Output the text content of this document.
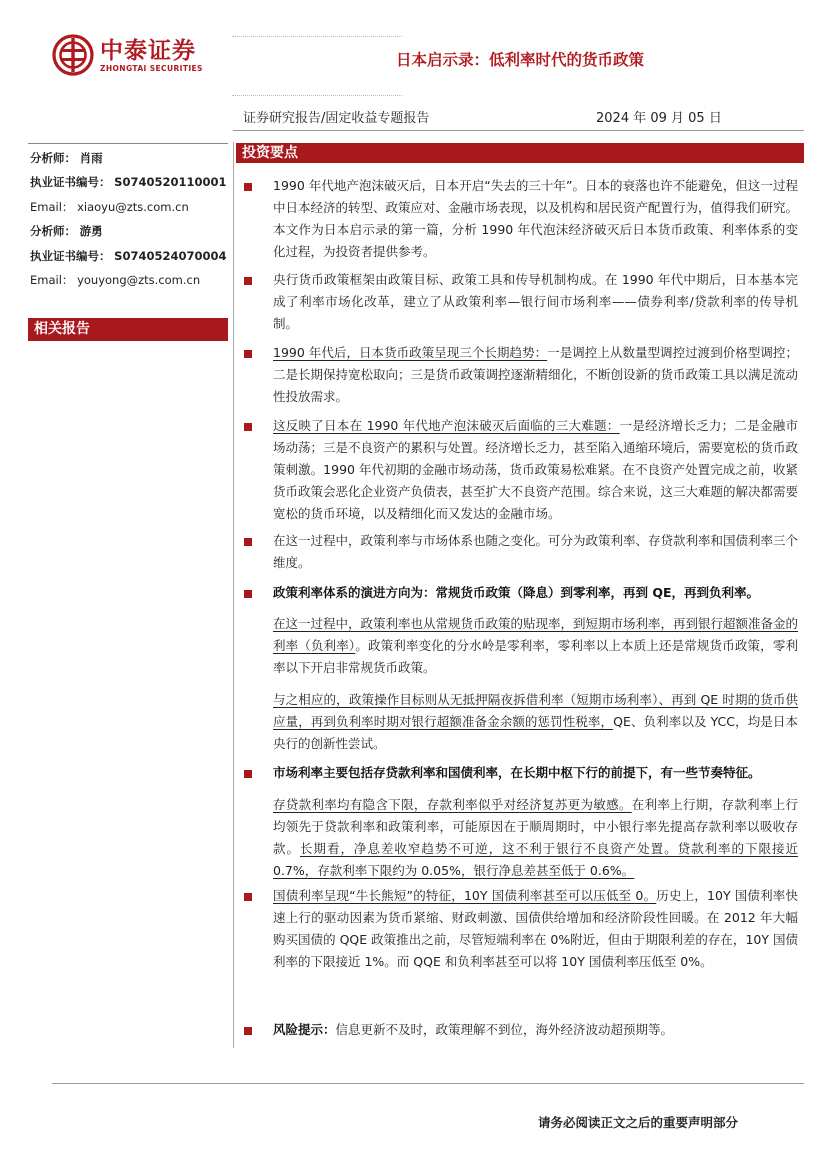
中泰证券
ZHONGTAI SECURITIES	日本启示录：低利率时代的货币政策
证券研究报告/固定收益专题报告	2024 年 09 月 05 日
分析师： 肖雨
执业证书编号： S0740520110001
Email： xiaoyu@zts.com.cn
分析师： 游勇
执业证书编号： S0740524070004
Email： youyong@zts.com.cn
相关报告
投资要点
1990 年代地产泡沫破灭后，日本开启“失去的三十年”。日本的衰落也许不能避免，但这一过程中日本经济的转型、政策应对、金融市场表现，以及机构和居民资产配置行为，值得我们研究。本文作为日本启示录的第一篇，分析 1990 年代泡沫经济破灭后日本货币政策、利率体系的变化过程，为投资者提供参考。
央行货币政策框架由政策目标、政策工具和传导机制构成。在 1990 年代中期后，日本基本完成了利率市场化改革，建立了从政策利率—银行间市场利率——债券利率/贷款利率的传导机制。
1990 年代后，日本货币政策呈现三个长期趋势：一是调控上从数量型调控过渡到价格型调控；二是长期保持宽松取向；三是货币政策调控逐渐精细化，不断创设新的货币政策工具以满足流动性投放需求。
这反映了日本在 1990 年代地产泡沫破灭后面临的三大难题：一是经济增长乏力；二是金融市场动荡；三是不良资产的累积与处置。经济增长乏力，甚至陷入通缩环境后，需要宽松的货币政策刺激。1990 年代初期的金融市场动荡，货币政策易松难紧。在不良资产处置完成之前，收紧货币政策会恶化企业资产负债表，甚至扩大不良资产范围。综合来说，这三大难题的解决都需要宽松的货币环境，以及精细化而又发达的金融市场。
在这一过程中，政策利率与市场体系也随之变化。可分为政策利率、存贷款利率和国债利率三个维度。
政策利率体系的演进方向为：常规货币政策（降息）到零利率，再到 QE，再到负利率。
在这一过程中，政策利率也从常规货币政策的贴现率，到短期市场利率，再到银行超额准备金的利率（负利率）。政策利率变化的分水岭是零利率，零利率以上本质上还是常规货币政策，零利率以下开启非常规货币政策。
与之相应的，政策操作目标则从无抵押隔夜拆借利率（短期市场利率）、再到 QE 时期的货币供应量，再到负利率时期对银行超额准备金余额的惩罚性税率，QE、负利率以及 YCC，均是日本央行的创新性尝试。
市场利率主要包括存贷款利率和国债利率，在长期中枢下行的前提下，有一些节奏特征。
存贷款利率均有隐含下限，存款利率似乎对经济复苏更为敏感。在利率上行期，存款利率上行均领先于贷款利率和政策利率，可能原因在于顺周期时，中小银行率先提高存款利率以吸收存款。长期看，净息差收窄趋势不可逆，这不利于银行不良资产处置。贷款利率的下限接近 0.7%，存款利率下限约为 0.05%，银行净息差甚至低于 0.6%。
国债利率呈现“牛长熊短”的特征，10Y 国债利率甚至可以压低至 0。历史上，10Y 国债利率快速上行的驱动因素为货币紧缩、财政刺激、国债供给增加和经济阶段性回暖。在 2012 年大幅购买国债的 QQE 政策推出之前，尽管短端利率在 0%附近，但由于期限利差的存在，10Y 国债利率的下限接近 1%。而 QQE 和负利率甚至可以将 10Y 国债利率压低至 0%。
风险提示：信息更新不及时，政策理解不到位，海外经济波动超预期等。
请务必阅读正文之后的重要声明部分
